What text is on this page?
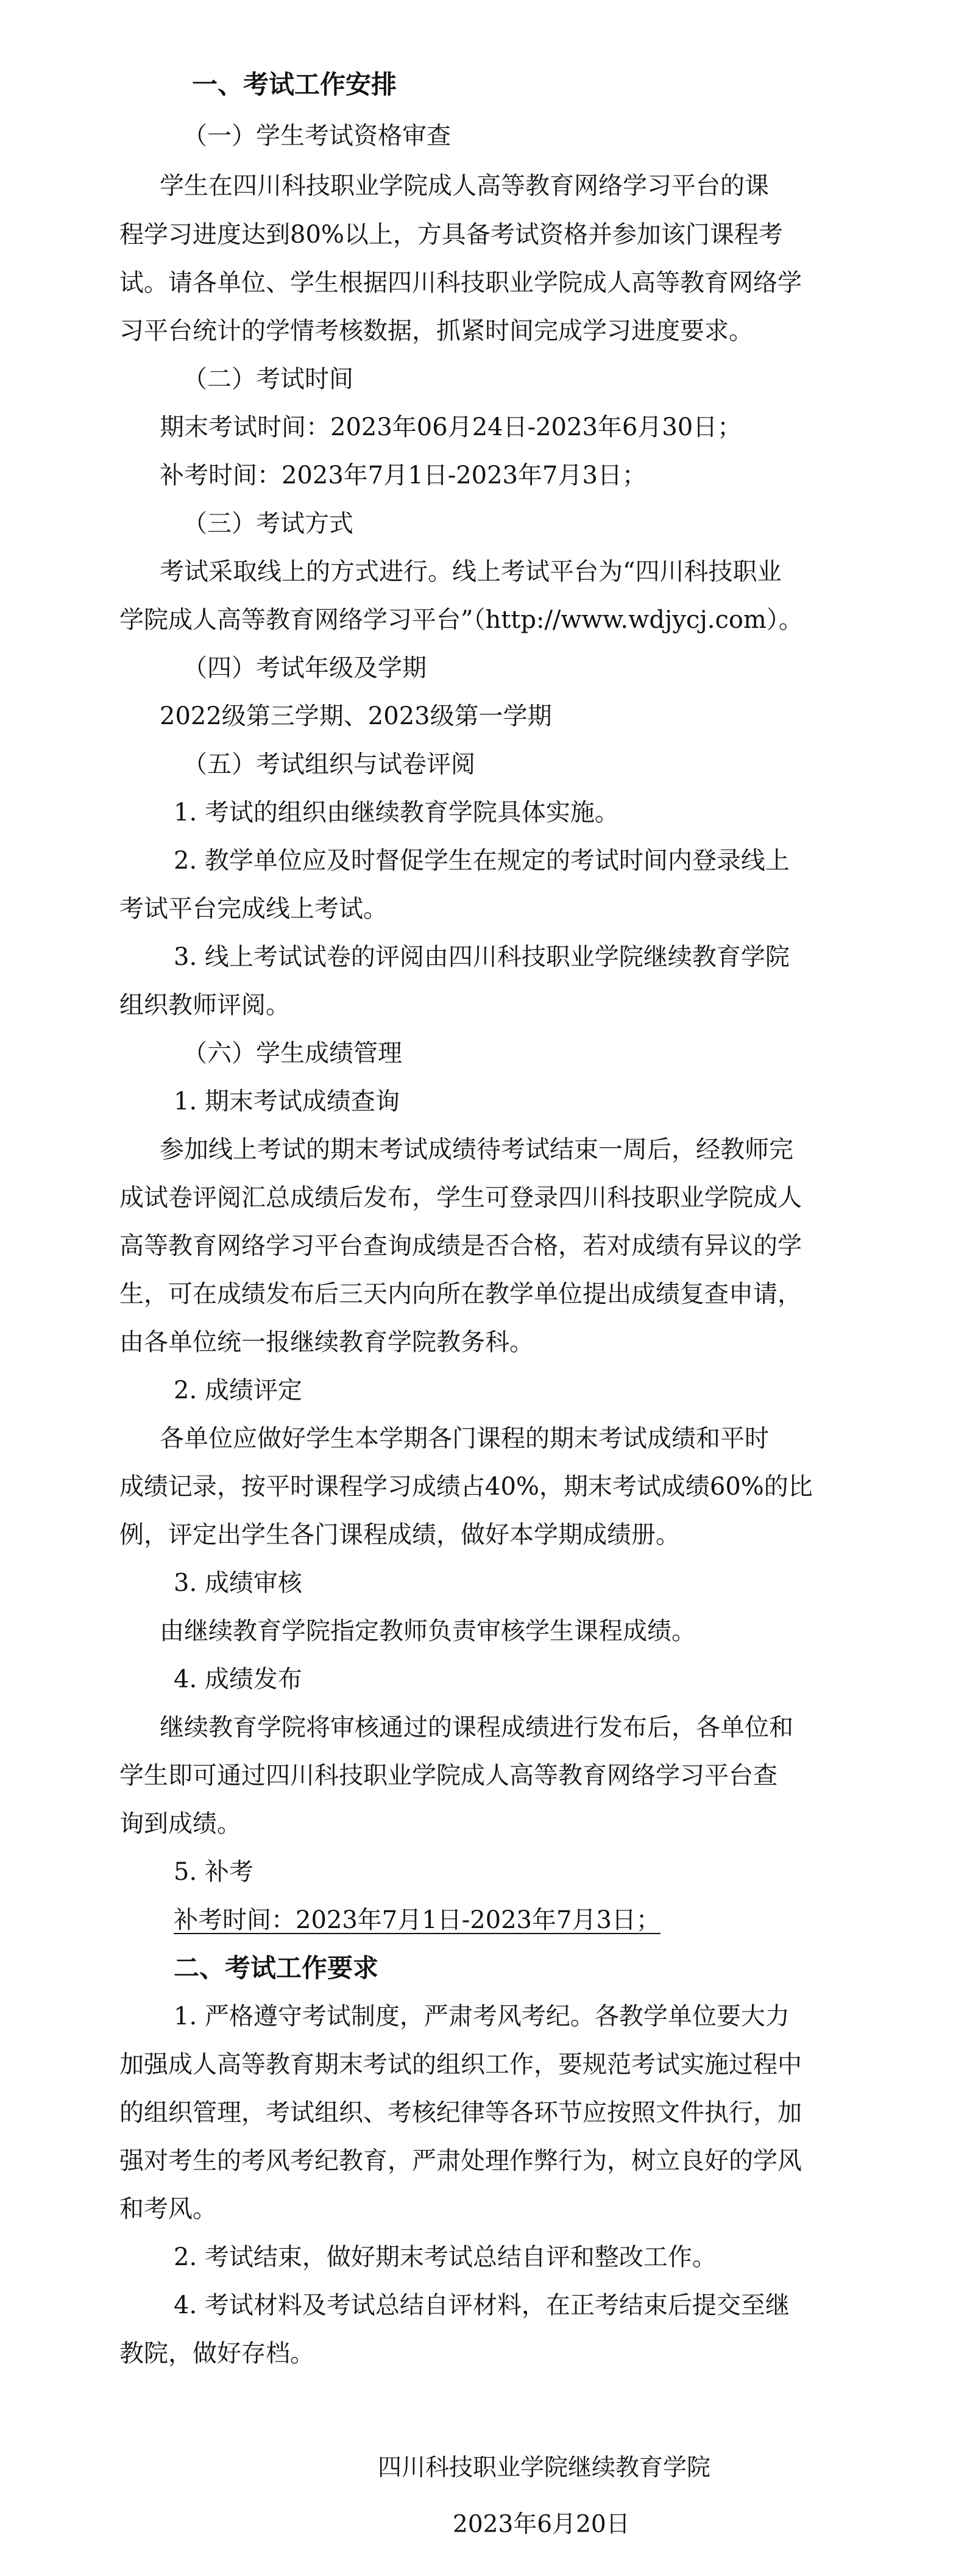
一、考试工作安排
（一）学生考试资格审查
学生在四川科技职业学院成人高等教育网络学习平台的课
程学习进度达到80%以上，方具备考试资格并参加该门课程考
试。请各单位、学生根据四川科技职业学院成人高等教育网络学
习平台统计的学情考核数据，抓紧时间完成学习进度要求。
（二）考试时间
期末考试时间：2023年06月24日-2023年6月30日；
补考时间：2023年7月1日-2023年7月3日；
（三）考试方式
考试采取线上的方式进行。线上考试平台为“四川科技职业
学院成人高等教育网络学习平台”（http://www.wdjycj.com）。
（四）考试年级及学期
2022级第三学期、2023级第一学期
（五）考试组织与试卷评阅
1. 考试的组织由继续教育学院具体实施。
2. 教学单位应及时督促学生在规定的考试时间内登录线上
考试平台完成线上考试。
3. 线上考试试卷的评阅由四川科技职业学院继续教育学院
组织教师评阅。
（六）学生成绩管理
1. 期末考试成绩查询
参加线上考试的期末考试成绩待考试结束一周后，经教师完
成试卷评阅汇总成绩后发布，学生可登录四川科技职业学院成人
高等教育网络学习平台查询成绩是否合格，若对成绩有异议的学
生，可在成绩发布后三天内向所在教学单位提出成绩复查申请，
由各单位统一报继续教育学院教务科。
2. 成绩评定
各单位应做好学生本学期各门课程的期末考试成绩和平时
成绩记录，按平时课程学习成绩占40%，期末考试成绩60%的比
例，评定出学生各门课程成绩，做好本学期成绩册。
3. 成绩审核
由继续教育学院指定教师负责审核学生课程成绩。
4. 成绩发布
继续教育学院将审核通过的课程成绩进行发布后，各单位和
学生即可通过四川科技职业学院成人高等教育网络学习平台查
询到成绩。
5. 补考
补考时间：2023年7月1日-2023年7月3日；
二、考试工作要求
1. 严格遵守考试制度，严肃考风考纪。各教学单位要大力
加强成人高等教育期末考试的组织工作，要规范考试实施过程中
的组织管理，考试组织、考核纪律等各环节应按照文件执行，加
强对考生的考风考纪教育，严肃处理作弊行为，树立良好的学风
和考风。
2. 考试结束，做好期末考试总结自评和整改工作。
4. 考试材料及考试总结自评材料，在正考结束后提交至继
教院，做好存档。
四川科技职业学院继续教育学院
2023年6月20日
